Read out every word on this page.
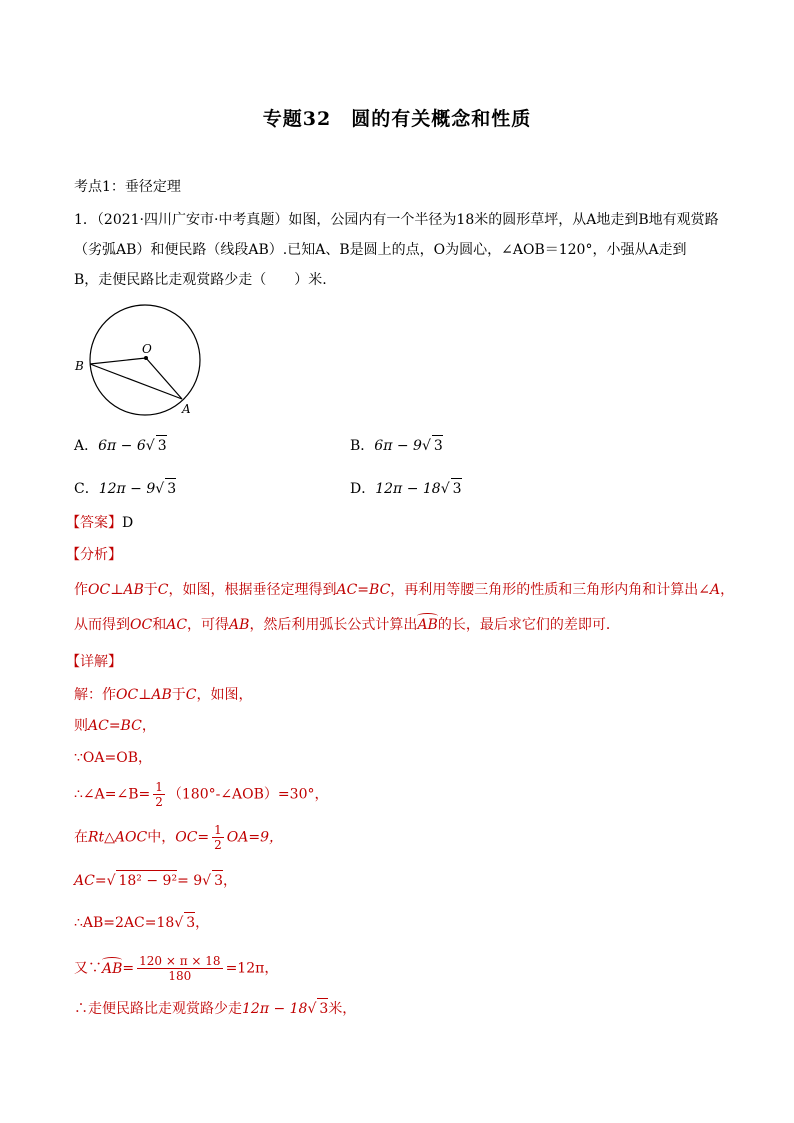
专题32　圆的有关概念和性质
考点1：垂径定理
1．（2021·四川广安市·中考真题）如图，公园内有一个半径为18米的圆形草坪，从A地走到B地有观赏路
（劣弧AB）和便民路（线段AB）.已知A、B是圆上的点，O为圆心，∠AOB＝120°，小强从A走到
B，走便民路比走观赏路少走（　　）米.
O
B
A
A．6π − 6√ 3	B．6π − 9√ 3
C．12π − 9√ 3	D．12π − 18√ 3
【答案】D
【分析】
作OC⊥AB于C，如图，根据垂径定理得到AC=BC，再利用等腰三角形的性质和三角形内角和计算出∠A，
从而得到OC和AC，可得AB，然后利用弧长公式计算出AB的长，最后求它们的差即可．
【详解】
解：作OC⊥AB于C，如图，
则AC=BC，
∵OA=OB，
∴∠A=∠B= $\frac{1}{2}$ （180°-∠AOB）=30°，
在Rt△AOC中，$OC= \frac{1}{2} OA=9$，
AC=√ 18² − 9²= 9√ 3，
∴AB=2AC=18√ 3，
又∵AB= $\frac{120 \times \pi \times 18}{180} =12\pi$，
∴走便民路比走观赏路少走12π − 18√ 3米，
